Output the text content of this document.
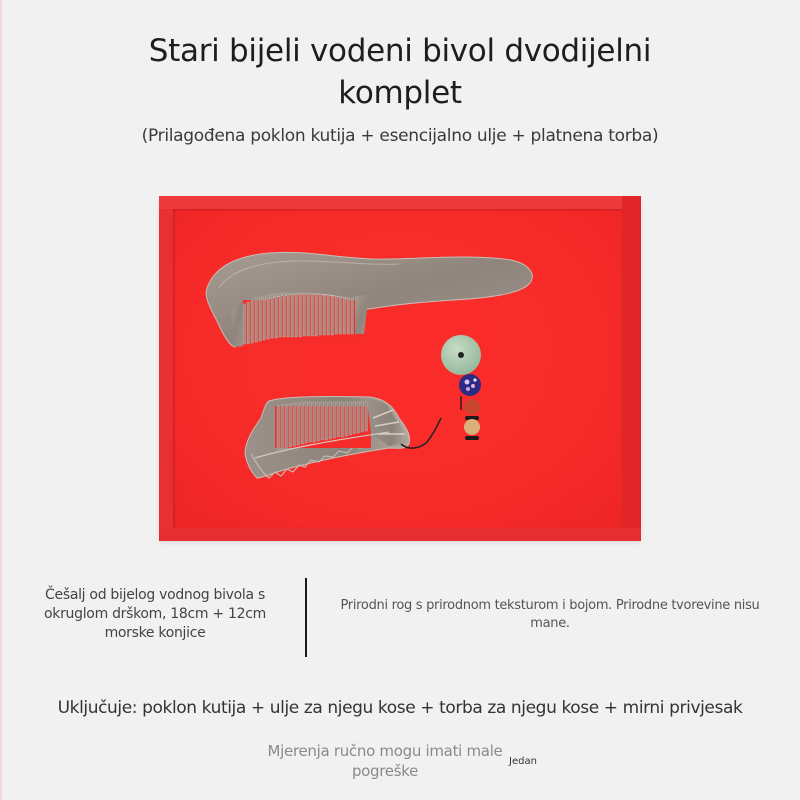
Stari bijeli vodeni bivol dvodijelni komplet
(Prilagođena poklon kutija + esencijalno ulje + platnena torba)
Češalj od bijelog vodnog bivola s okruglom drškom, 18cm + 12cm morske konjice
Prirodni rog s prirodnom teksturom i bojom. Prirodne tvorevine nisu mane.
Uključuje: poklon kutija + ulje za njegu kose + torba za njegu kose + mirni privjesak
Mjerenja ručno mogu imati male pogreške
Jedan
